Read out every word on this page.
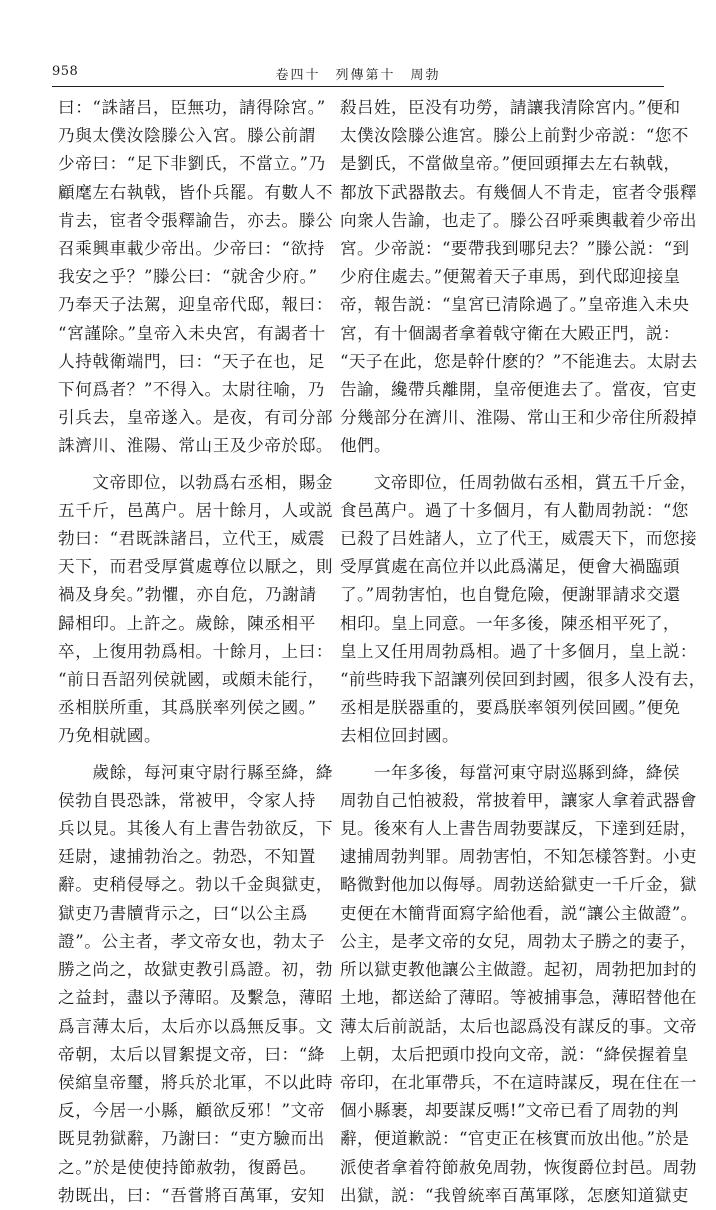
958	卷四十　列傳第十　周勃

曰：“誅諸吕，臣無功，請得除宮。”
乃與太僕汝陰滕公入宮。滕公前謂
少帝曰：“足下非劉氏，不當立。”乃
顧麾左右執戟，皆仆兵罷。有數人不
肯去，宦者令張釋諭告，亦去。滕公
召乘興車載少帝出。少帝曰：“欲持
我安之乎？”滕公曰：“就舍少府。”
乃奉天子法駕，迎皇帝代邸，報曰：
“宮謹除。”皇帝入未央宮，有謁者十
人持戟衛端門，曰：“天子在也，足
下何爲者？”不得入。太尉往喻，乃
引兵去，皇帝遂入。是夜，有司分部
誅濟川、淮陽、常山王及少帝於邸。

　　文帝即位，以勃爲右丞相，賜金
五千斤，邑萬户。居十餘月，人或説
勃曰：“君既誅諸吕，立代王，威震
天下，而君受厚賞處尊位以厭之，則
禍及身矣。”勃懼，亦自危，乃謝請
歸相印。上許之。歲餘，陳丞相平
卒，上復用勃爲相。十餘月，上曰：
“前日吾詔列侯就國，或頗未能行，
丞相朕所重，其爲朕率列侯之國。”
乃免相就國。

　　歲餘，每河東守尉行縣至絳，絳
侯勃自畏恐誅，常被甲，令家人持
兵以見。其後人有上書告勃欲反，下
廷尉，逮捕勃治之。勃恐，不知置
辭。吏稍侵辱之。勃以千金與獄吏，
獄吏乃書牘背示之，曰“以公主爲
證”。公主者，孝文帝女也，勃太子
勝之尚之，故獄吏教引爲證。初，勃
之益封，盡以予薄昭。及繫急，薄昭
爲言薄太后，太后亦以爲無反事。文
帝朝，太后以冒絮提文帝，曰：“絳
侯綰皇帝璽，將兵於北軍，不以此時
反，今居一小縣，顧欲反邪！”文帝
既見勃獄辭，乃謝曰：“吏方驗而出
之。”於是使使持節赦勃，復爵邑。
勃既出，曰：“吾嘗將百萬軍，安知

殺吕姓，臣没有功勞，請讓我清除宮内。”便和
太僕汝陰滕公進宮。滕公上前對少帝説：“您不
是劉氏，不當做皇帝。”便回頭揮去左右執戟，
都放下武器散去。有幾個人不肯走，宦者令張釋
向衆人告諭，也走了。滕公召呼乘輿載着少帝出
宮。少帝説：“要帶我到哪兒去？”滕公説：“到
少府住處去。”便駕着天子車馬，到代邸迎接皇
帝，報告説：“皇宮已清除過了。”皇帝進入未央
宮，有十個謁者拿着戟守衛在大殿正門，説：
“天子在此，您是幹什麽的？”不能進去。太尉去
告諭，纔帶兵離開，皇帝便進去了。當夜，官吏
分幾部分在濟川、淮陽、常山王和少帝住所殺掉
他們。

　　文帝即位，任周勃做右丞相，賞五千斤金，
食邑萬户。過了十多個月，有人勸周勃説：“您
已殺了吕姓諸人，立了代王，威震天下，而您接
受厚賞處在高位并以此爲滿足，便會大禍臨頭
了。”周勃害怕，也自覺危險，便謝罪請求交還
相印。皇上同意。一年多後，陳丞相平死了，
皇上又任用周勃爲相。過了十多個月，皇上説：
“前些時我下詔讓列侯回到封國，很多人没有去，
丞相是朕器重的，要爲朕率領列侯回國。”便免
去相位回封國。

　　一年多後，每當河東守尉巡縣到絳，絳侯
周勃自己怕被殺，常披着甲，讓家人拿着武器會
見。後來有人上書告周勃要謀反，下達到廷尉，
逮捕周勃判罪。周勃害怕，不知怎樣答對。小吏
略微對他加以侮辱。周勃送給獄吏一千斤金，獄
吏便在木簡背面寫字給他看，説“讓公主做證”。
公主，是孝文帝的女兒，周勃太子勝之的妻子，
所以獄吏教他讓公主做證。起初，周勃把加封的
土地，都送給了薄昭。等被捕事急，薄昭替他在
薄太后前説話，太后也認爲没有謀反的事。文帝
上朝，太后把頭巾投向文帝，説：“絳侯握着皇
帝印，在北軍帶兵，不在這時謀反，現在住在一
個小縣裹，却要謀反嗎!”文帝已看了周勃的判
辭，便道歉説：“官吏正在核實而放出他。”於是
派使者拿着符節赦免周勃，恢復爵位封邑。周勃
出獄，説：“我曾統率百萬軍隊，怎麽知道獄吏
